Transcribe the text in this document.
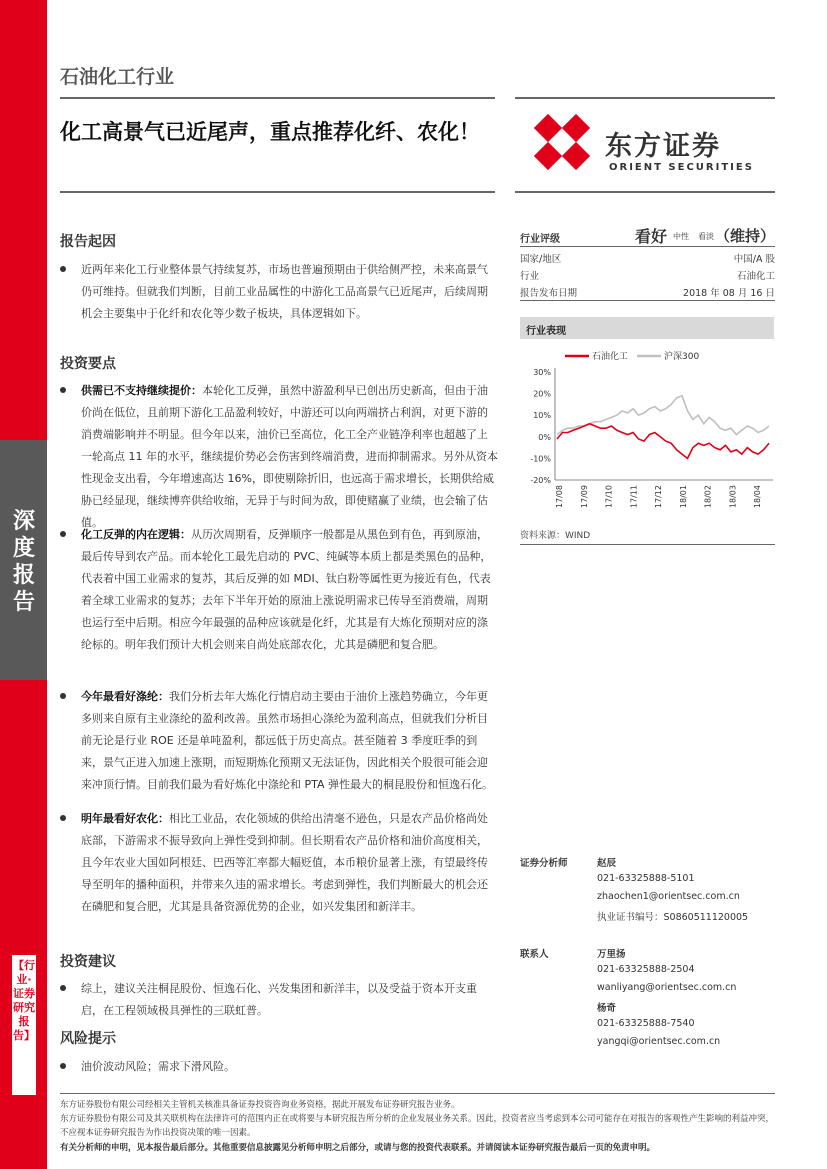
深度报告
【行业·证券研究报告】
石油化工行业
化工高景气已近尾声，重点推荐化纤、农化！	东方证券
ORIENT SECURITIES
报告起因
近两年来化工行业整体景气持续复苏，市场也普遍预期由于供给侧严控，未来高景气仍可维持。但就我们判断，目前工业品属性的中游化工品高景气已近尾声，后续周期机会主要集中于化纤和农化等少数子板块，具体逻辑如下。
投资要点
供需已不支持继续提价：本轮化工反弹，虽然中游盈利早已创出历史新高，但由于油价尚在低位，且前期下游化工品盈利较好，中游还可以向两端挤占利润，对更下游的消费端影响并不明显。但今年以来，油价已至高位，化工全产业链净利率也超越了上一轮高点 11 年的水平，继续提价势必会伤害到终端消费，进而抑制需求。另外从资本性现金支出看，今年增速高达 16%，即使剔除折旧，也远高于需求增长，长期供给威胁已经显现，继续博弈供给收缩，无异于与时间为敌，即使赌赢了业绩，也会输了估值。
化工反弹的内在逻辑：从历次周期看，反弹顺序一般都是从黑色到有色，再到原油，最后传导到农产品。而本轮化工最先启动的 PVC、纯碱等本质上都是类黑色的品种，代表着中国工业需求的复苏，其后反弹的如 MDI、钛白粉等属性更为接近有色，代表着全球工业需求的复苏；去年下半年开始的原油上涨说明需求已传导至消费端，周期也运行至中后期。相应今年最强的品种应该就是化纤，尤其是有大炼化预期对应的涤纶标的。明年我们预计大机会则来自尚处底部农化，尤其是磷肥和复合肥。
今年最看好涤纶：我们分析去年大炼化行情启动主要由于油价上涨趋势确立，今年更多则来自原有主业涤纶的盈利改善。虽然市场担心涤纶为盈利高点，但就我们分析目前无论是行业 ROE 还是单吨盈利，都远低于历史高点。甚至随着 3 季度旺季的到来，景气正进入加速上涨期，而短期炼化预期又无法证伪，因此相关个股很可能会迎来冲顶行情。目前我们最为看好炼化中涤纶和 PTA 弹性最大的桐昆股份和恒逸石化。
明年最看好农化：相比工业品，农化领域的供给出清毫不逊色，只是农产品价格尚处底部，下游需求不振导致向上弹性受到抑制。但长期看农产品价格和油价高度相关，且今年农业大国如阿根廷、巴西等汇率都大幅贬值，本币粮价显著上涨，有望最终传导至明年的播种面积，并带来久违的需求增长。考虑到弹性，我们判断最大的机会还在磷肥和复合肥，尤其是具备资源优势的企业，如兴发集团和新洋丰。
投资建议
综上，建议关注桐昆股份、恒逸石化、兴发集团和新洋丰，以及受益于资本开支重启，在工程领域极具弹性的三联虹普。
风险提示
油价波动风险；需求下滑风险。
行业评级	看好 中性 看淡 （维持）
国家/地区	中国/A 股
行业	石油化工
报告发布日期	2018 年 08 月 16 日
行业表现
石油化工	沪深300
30%
20%
10%
0%
-10%
-20%
17/08 17/09 17/10 17/11 17/12 18/01 18/02 18/03 18/04
资料来源：WIND
证券分析师	赵辰
021-63325888-5101
zhaochen1@orientsec.com.cn
执业证书编号：S0860511120005
联系人	万里扬
021-63325888-2504
wanliyang@orientsec.com.cn
杨奇
021-63325888-7540
yangqi@orientsec.com.cn
东方证券股份有限公司经相关主管机关核准具备证券投资咨询业务资格，据此开展发布证券研究报告业务。
东方证券股份有限公司及其关联机构在法律许可的范围内正在或将要与本研究报告所分析的企业发展业务关系。因此，投资者应当考虑到本公司可能存在对报告的客观性产生影响的利益冲突，不应视本证券研究报告为作出投资决策的唯一因素。
有关分析师的申明，见本报告最后部分。其他重要信息披露见分析师申明之后部分，或请与您的投资代表联系。并请阅读本证券研究报告最后一页的免责申明。
